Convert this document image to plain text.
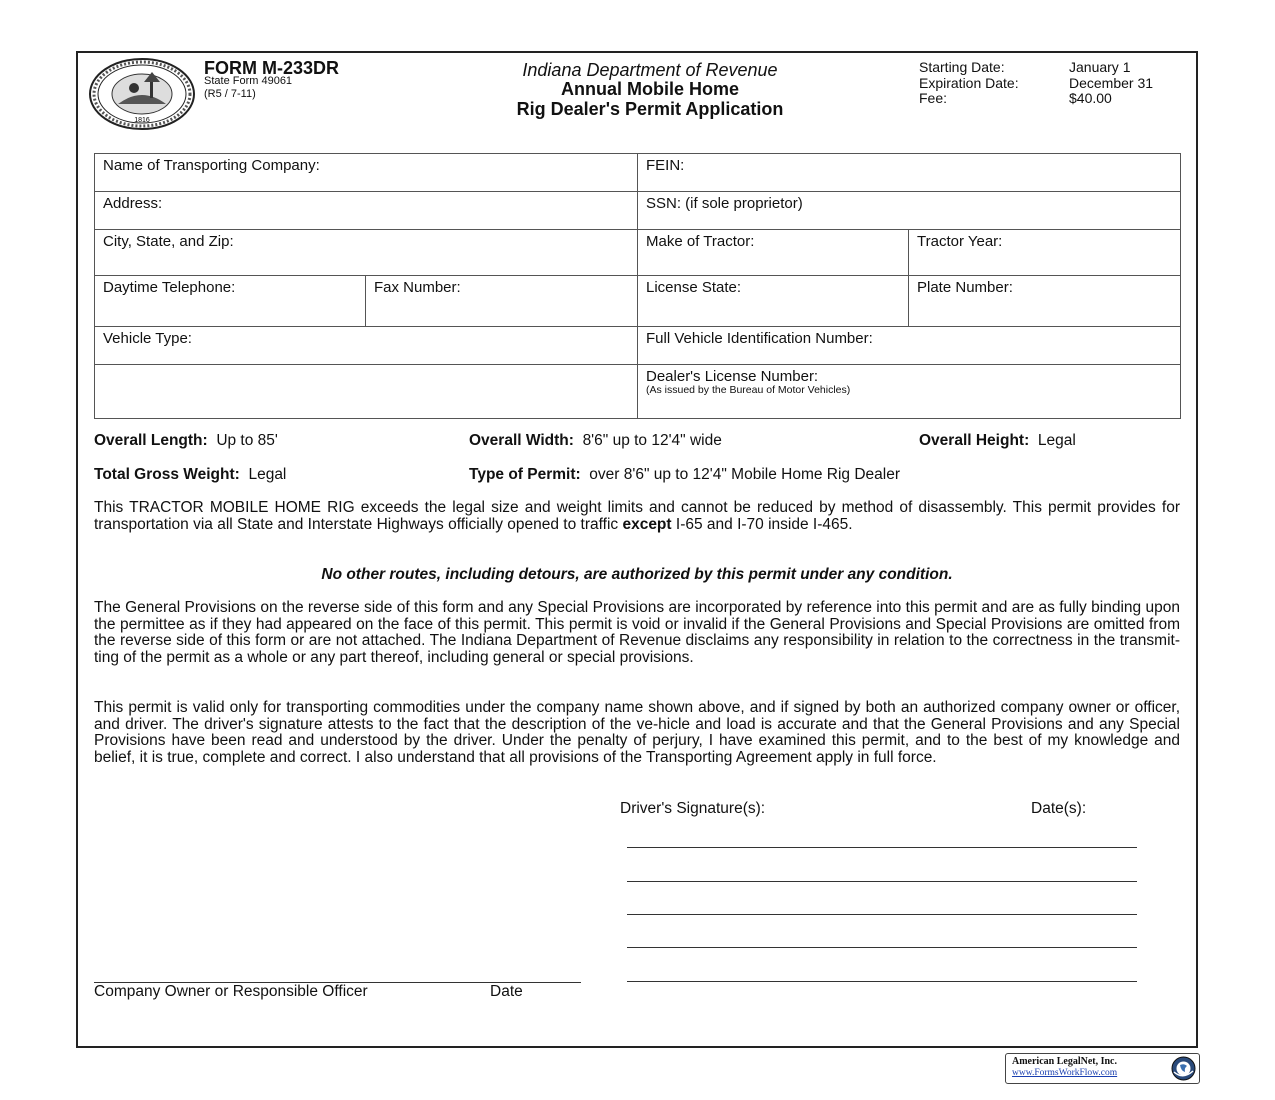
1816
FORM M-233DR
State Form 49061
(R5 / 7-11)
Indiana Department of Revenue
Annual Mobile Home
Rig Dealer's Permit Application
Starting Date:	January 1
Expiration Date:	December 31
Fee:	$40.00
Name of Transporting Company:		FEIN:	
Address:		SSN: (if sole proprietor)	
City, State, and Zip:		Make of Tractor:	Tractor Year:
Daytime Telephone:	Fax Number:	License State:	Plate Number:
Vehicle Type:		Full Vehicle Identification Number:	
		Dealer's License Number:
(As issued by the Bureau of Motor Vehicles)	
Overall Length: Up to 85'	Overall Width: 8'6" up to 12'4" wide	Overall Height: Legal
Total Gross Weight: Legal	Type of Permit: over 8'6" up to 12'4" Mobile Home Rig Dealer
This TRACTOR MOBILE HOME RIG exceeds the legal size and weight limits and cannot be reduced by method of disassembly. This permit provides for transportation via all State and Interstate Highways officially opened to traffic except I-65 and I-70 inside I-465.
No other routes, including detours, are authorized by this permit under any condition.
The General Provisions on the reverse side of this form and any Special Provisions are incorporated by reference into this permit and are as fully binding upon the permittee as if they had appeared on the face of this permit. This permit is void or invalid if the General Provisions and Special Provisions are omitted from the reverse side of this form or are not attached. The Indiana Department of Revenue disclaims any responsibility in relation to the correctness in the transmit-ting of the permit as a whole or any part thereof, including general or special provisions.
This permit is valid only for transporting commodities under the company name shown above, and if signed by both an authorized company owner or officer, and driver. The driver's signature attests to the fact that the description of the ve-hicle and load is accurate and that the General Provisions and any Special Provisions have been read and understood by the driver. Under the penalty of perjury, I have examined this permit, and to the best of my knowledge and belief, it is true, complete and correct. I also understand that all provisions of the Transporting Agreement apply in full force.
Driver's Signature(s):	Date(s):
Company Owner or Responsible Officer	Date
American LegalNet, Inc.
www.FormsWorkFlow.com
